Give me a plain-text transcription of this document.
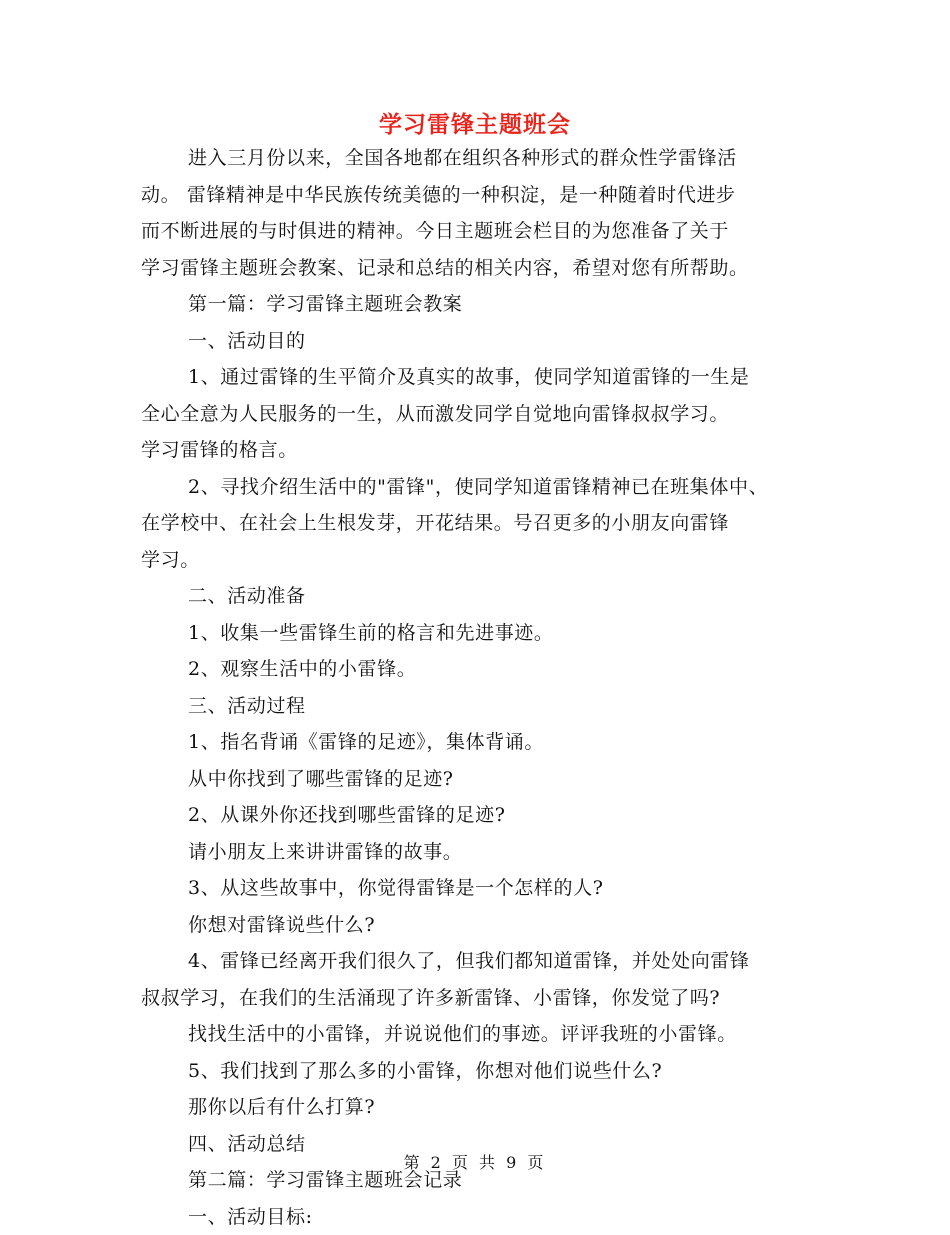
学习雷锋主题班会
进入三月份以来，全国各地都在组织各种形式的群众性学雷锋活
动。 雷锋精神是中华民族传统美德的一种积淀，是一种随着时代进步
而不断进展的与时俱进的精神。今日主题班会栏目的为您准备了关于
学习雷锋主题班会教案、记录和总结的相关内容，希望对您有所帮助。
第一篇：学习雷锋主题班会教案
一、活动目的
1、通过雷锋的生平简介及真实的故事，使同学知道雷锋的一生是
全心全意为人民服务的一生，从而激发同学自觉地向雷锋叔叔学习。
学习雷锋的格言。
2、寻找介绍生活中的"雷锋"，使同学知道雷锋精神已在班集体中、
在学校中、在社会上生根发芽，开花结果。号召更多的小朋友向雷锋
学习。
二、活动准备
1、收集一些雷锋生前的格言和先进事迹。
2、观察生活中的小雷锋。
三、活动过程
1、指名背诵《雷锋的足迹》，集体背诵。
从中你找到了哪些雷锋的足迹?
2、从课外你还找到哪些雷锋的足迹?
请小朋友上来讲讲雷锋的故事。
3、从这些故事中，你觉得雷锋是一个怎样的人?
你想对雷锋说些什么?
4、雷锋已经离开我们很久了，但我们都知道雷锋，并处处向雷锋
叔叔学习，在我们的生活涌现了许多新雷锋、小雷锋，你发觉了吗?
找找生活中的小雷锋，并说说他们的事迹。评评我班的小雷锋。
5、我们找到了那么多的小雷锋，你想对他们说些什么?
那你以后有什么打算?
四、活动总结
第二篇：学习雷锋主题班会记录
一、活动目标:
第 2 页 共 9 页
